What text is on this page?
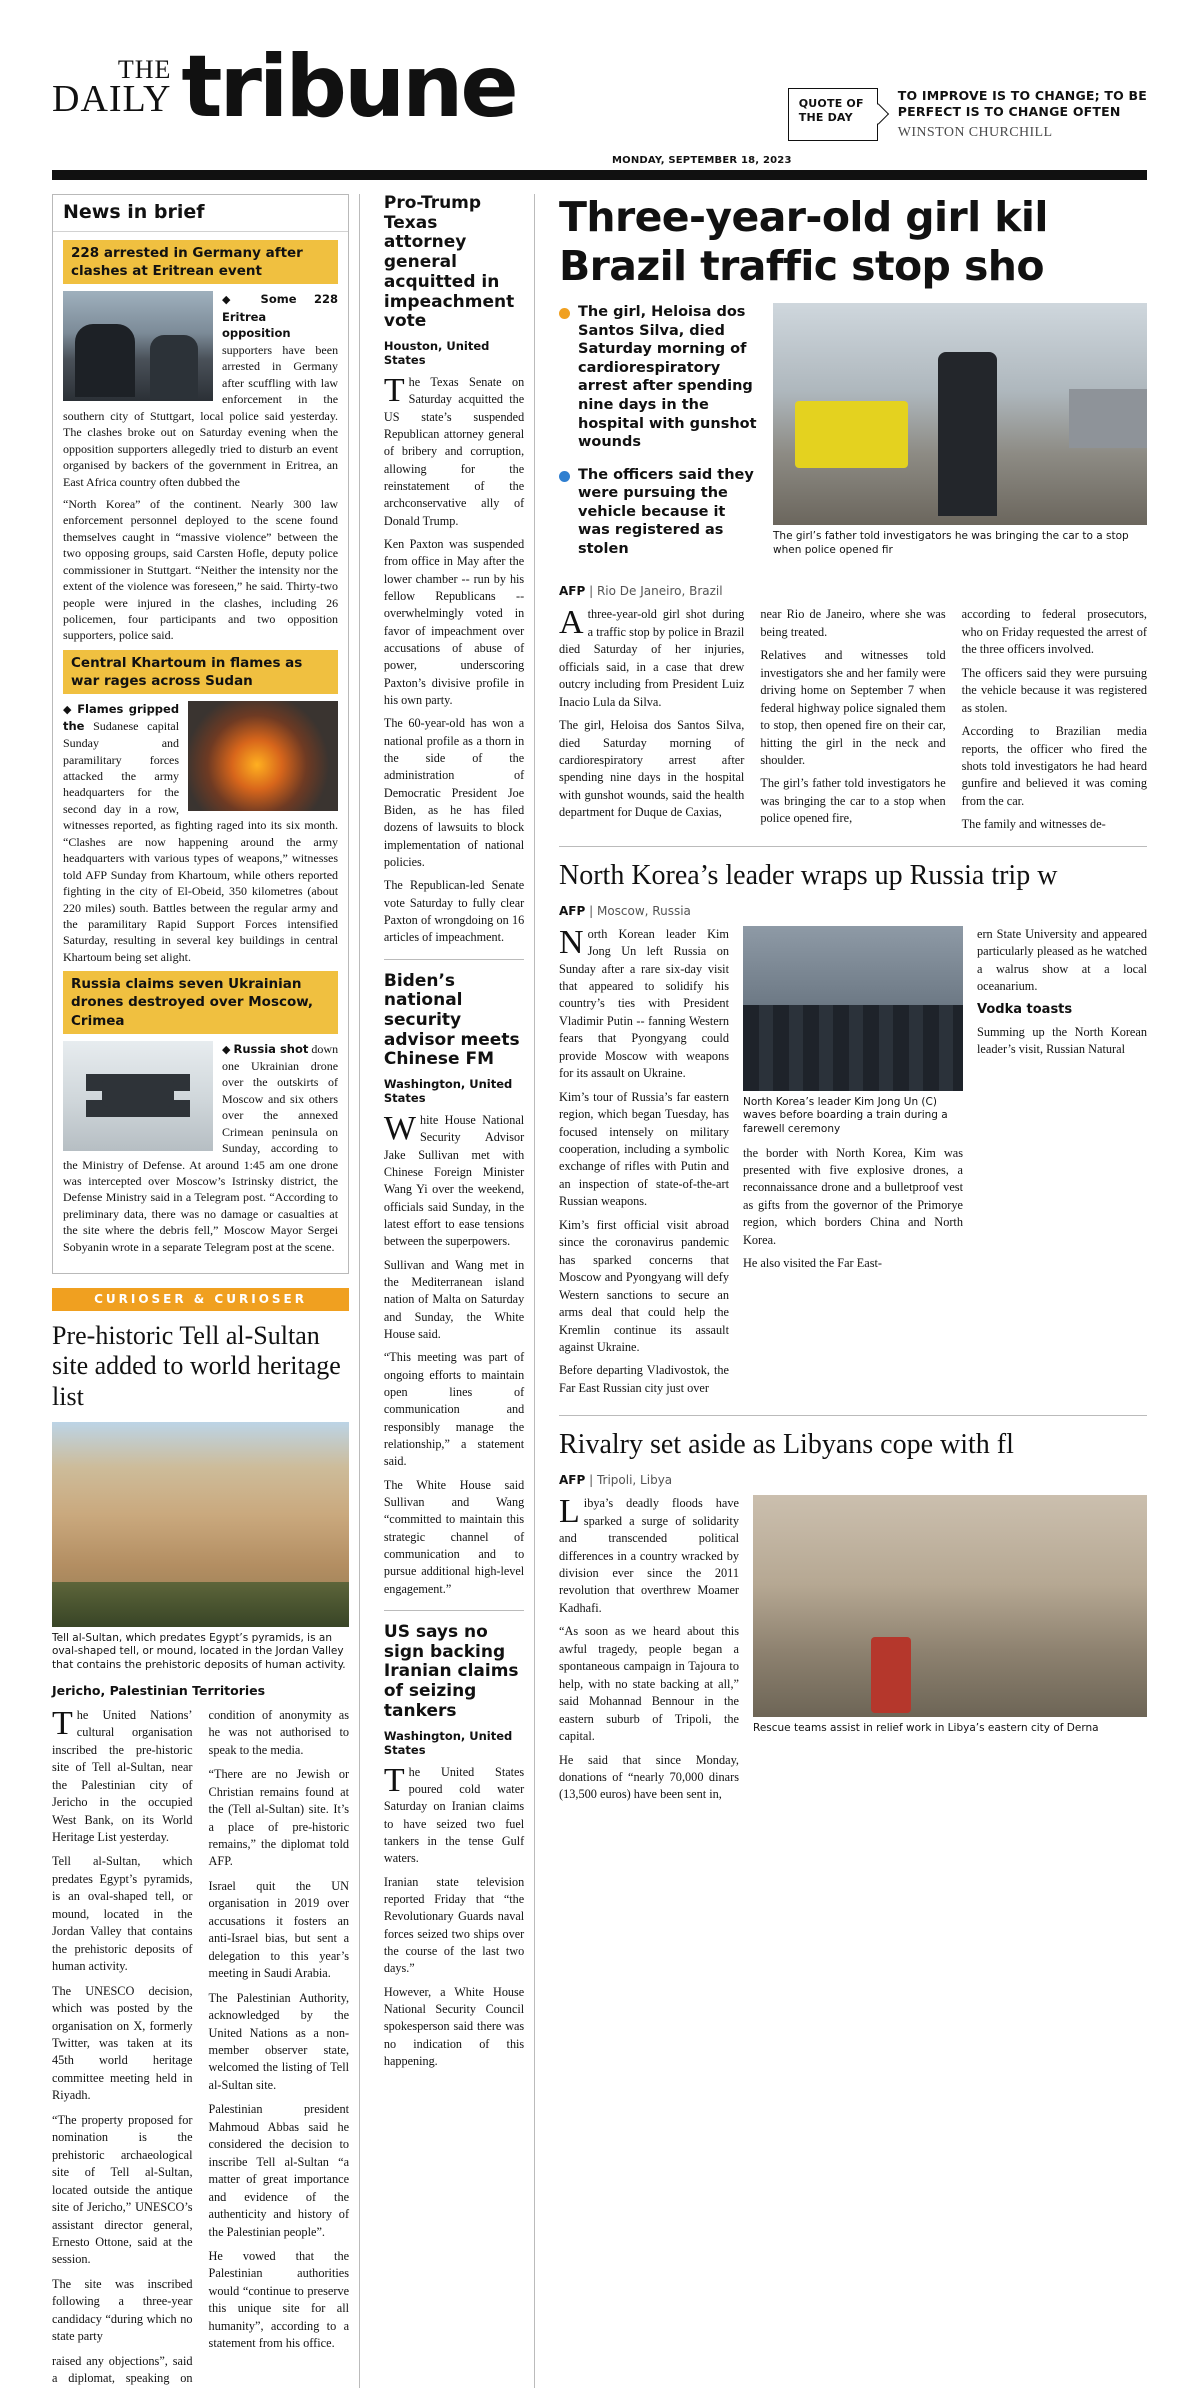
THE
DAILY tribune
MONDAY, SEPTEMBER 18, 2023
QUOTE OF THE DAY
TO IMPROVE IS TO CHANGE; TO BE
PERFECT IS TO CHANGE OFTEN
WINSTON CHURCHILL
News in brief
228 arrested in Germany after clashes at Eritrean event

◆ Some 228 Eritrea opposition supporters have been arrested in Germany after scuffling with law enforcement in the southern city of Stuttgart, local police said yesterday. The clashes broke out on Saturday evening when the opposition supporters allegedly tried to disturb an event organised by backers of the government in Eritrea, an East Africa country often dubbed the

“North Korea” of the continent. Nearly 300 law enforcement personnel deployed to the scene found themselves caught in “massive violence” between the two opposing groups, said Carsten Hofle, deputy police commissioner in Stuttgart. “Neither the intensity nor the extent of the violence was foreseen,” he said. Thirty-two people were injured in the clashes, including 26 policemen, four participants and two opposition supporters, police said.

Central Khartoum in flames as war rages across Sudan

◆ Flames gripped the Sudanese capital Sunday and paramilitary forces attacked the army headquarters for the second day in a row, witnesses reported, as fighting raged into its six month. “Clashes are now happening around the army headquarters with various types of weapons,” witnesses told AFP Sunday from Khartoum, while others reported fighting in the city of El-Obeid, 350 kilometres (about 220 miles) south. Battles between the regular army and the paramilitary Rapid Support Forces intensified Saturday, resulting in several key buildings in central Khartoum being set alight.

Russia claims seven Ukrainian drones destroyed over Moscow, Crimea

◆ Russia shot down one Ukrainian drone over the outskirts of Moscow and six others over the annexed Crimean peninsula on Sunday, according to the Ministry of Defense. At around 1:45 am one drone was intercepted over Moscow’s Istrinsky district, the Defense Ministry said in a Telegram post. “According to preliminary data, there was no damage or casualties at the site where the debris fell,” Moscow Mayor Sergei Sobyanin wrote in a separate Telegram post at the scene.

CURIOSER & CURIOSER
Pre-historic Tell al-Sultan site added to world heritage list
Tell al-Sultan, which predates Egypt’s pyramids, is an oval-shaped tell, or mound, located in the Jordan Valley that contains the prehistoric deposits of human activity.
Jericho, Palestinian Territories

The United Nations’ cultural organisation inscribed the pre-historic site of Tell al-Sultan, near the Palestinian city of Jericho in the occupied West Bank, on its World Heritage List yesterday.

Tell al-Sultan, which predates Egypt’s pyramids, is an oval-shaped tell, or mound, located in the Jordan Valley that contains the prehistoric deposits of human activity.

The UNESCO decision, which was posted by the organisation on X, formerly Twitter, was taken at its 45th world heritage committee meeting held in Riyadh.

“The property proposed for nomination is the prehistoric archaeological site of Tell al-Sultan, located outside the antique site of Jericho,” UNESCO’s assistant director general, Ernesto Ottone, said at the session.

The site was inscribed following a three-year candidacy “during which no state party

raised any objections”, said a diplomat, speaking on condition of anonymity as he was not authorised to speak to the media.

“There are no Jewish or Christian remains found at the (Tell al-Sultan) site. It’s a place of pre-historic remains,” the diplomat told AFP.

Israel quit the UN organisation in 2019 over accusations it fosters an anti-Israel bias, but sent a delegation to this year’s meeting in Saudi Arabia.

The Palestinian Authority, acknowledged by the United Nations as a non-member observer state, welcomed the listing of Tell al-Sultan site.

Palestinian president Mahmoud Abbas said he considered the decision to inscribe Tell al-Sultan “a matter of great importance and evidence of the authenticity and history of the Palestinian people”.

He vowed that the Palestinian authorities would “continue to preserve this unique site for all humanity”, according to a statement from his office.

Pro-Trump Texas attorney general acquitted in impeachment vote
Houston, United States

The Texas Senate on Saturday acquitted the US state’s suspended Republican attorney general of bribery and corruption, allowing for the reinstatement of the archconservative ally of Donald Trump.

Ken Paxton was suspended from office in May after the lower chamber -- run by his fellow Republicans -- overwhelmingly voted in favor of impeachment over accusations of abuse of power, underscoring Paxton’s divisive profile in his own party.

The 60-year-old has won a national profile as a thorn in the side of the administration of Democratic President Joe Biden, as he has filed dozens of lawsuits to block implementation of national policies.

The Republican-led Senate vote Saturday to fully clear Paxton of wrongdoing on 16 articles of impeachment.

Biden’s national security advisor meets Chinese FM
Washington, United States

White House National Security Advisor Jake Sullivan met with Chinese Foreign Minister Wang Yi over the weekend, officials said Sunday, in the latest effort to ease tensions between the superpowers.

Sullivan and Wang met in the Mediterranean island nation of Malta on Saturday and Sunday, the White House said.

“This meeting was part of ongoing efforts to maintain open lines of communication and responsibly manage the relationship,” a statement said.

The White House said Sullivan and Wang “committed to maintain this strategic channel of communication and to pursue additional high-level engagement.”

US says no sign backing Iranian claims of seizing tankers
Washington, United States

The United States poured cold water Saturday on Iranian claims to have seized two fuel tankers in the tense Gulf waters.

Iranian state television reported Friday that “the Revolutionary Guards naval forces seized two ships over the course of the last two days.”

However, a White House National Security Council spokesperson said there was no indication of this happening.

Three-year-old girl kil
Brazil traffic stop sho
The girl, Heloisa dos Santos Silva, died Saturday morning of cardiorespiratory arrest after spending nine days in the hospital with gunshot wounds
The officers said they were pursuing the vehicle because it was registered as stolen
The girl’s father told investigators he was bringing the car to a stop when police opened fir
AFP | Rio De Janeiro, Brazil

Athree-year-old girl shot during a traffic stop by police in Brazil died Saturday of her injuries, officials said, in a case that drew outcry including from President Luiz Inacio Lula da Silva.

The girl, Heloisa dos Santos Silva, died Saturday morning of cardiorespiratory arrest after spending nine days in the hospital with gunshot wounds, said the health department for Duque de Caxias,

near Rio de Janeiro, where she was being treated.

Relatives and witnesses told investigators she and her family were driving home on September 7 when federal highway police signaled them to stop, then opened fire on their car, hitting the girl in the neck and shoulder.

The girl’s father told investigators he was bringing the car to a stop when police opened fire,

according to federal prosecutors, who on Friday requested the arrest of the three officers involved.

The officers said they were pursuing the vehicle because it was registered as stolen.

According to Brazilian media reports, the officer who fired the shots told investigators he had heard gunfire and believed it was coming from the car.

The family and witnesses de-

North Korea’s leader wraps up Russia trip w
AFP | Moscow, Russia

North Korean leader Kim Jong Un left Russia on Sunday after a rare six-day visit that appeared to solidify his country’s ties with President Vladimir Putin -- fanning Western fears that Pyongyang could provide Moscow with weapons for its assault on Ukraine.

Kim’s tour of Russia’s far eastern region, which began Tuesday, has focused intensely on military cooperation, including a symbolic exchange of rifles with Putin and an inspection of state-of-the-art Russian weapons.

Kim’s first official visit abroad since the coronavirus pandemic has sparked concerns that Moscow and Pyongyang will defy Western sanctions to secure an arms deal that could help the Kremlin continue its assault against Ukraine.

Before departing Vladivostok, the Far East Russian city just over

North Korea’s leader Kim Jong Un (C) waves before boarding a train during a farewell ceremony

the border with North Korea, Kim was presented with five explosive drones, a reconnaissance drone and a bulletproof vest as gifts from the governor of the Primorye region, which borders China and North Korea.

He also visited the Far East-

ern State University and appeared particularly pleased as he watched a walrus show at a local oceanarium.

Vodka toasts

Summing up the North Korean leader’s visit, Russian Natural

Rivalry set aside as Libyans cope with fl
AFP | Tripoli, Libya

Libya’s deadly floods have sparked a surge of solidarity and transcended political differences in a country wracked by division ever since the 2011 revolution that overthrew Moamer Kadhafi.

“As soon as we heard about this awful tragedy, people began a spontaneous campaign in Tajoura to help, with no state backing at all,” said Mohannad Bennour in the eastern suburb of Tripoli, the capital.

He said that since Monday, donations of “nearly 70,000 dinars (13,500 euros) have been sent in,

Rescue teams assist in relief work in Libya’s eastern city of Derna
